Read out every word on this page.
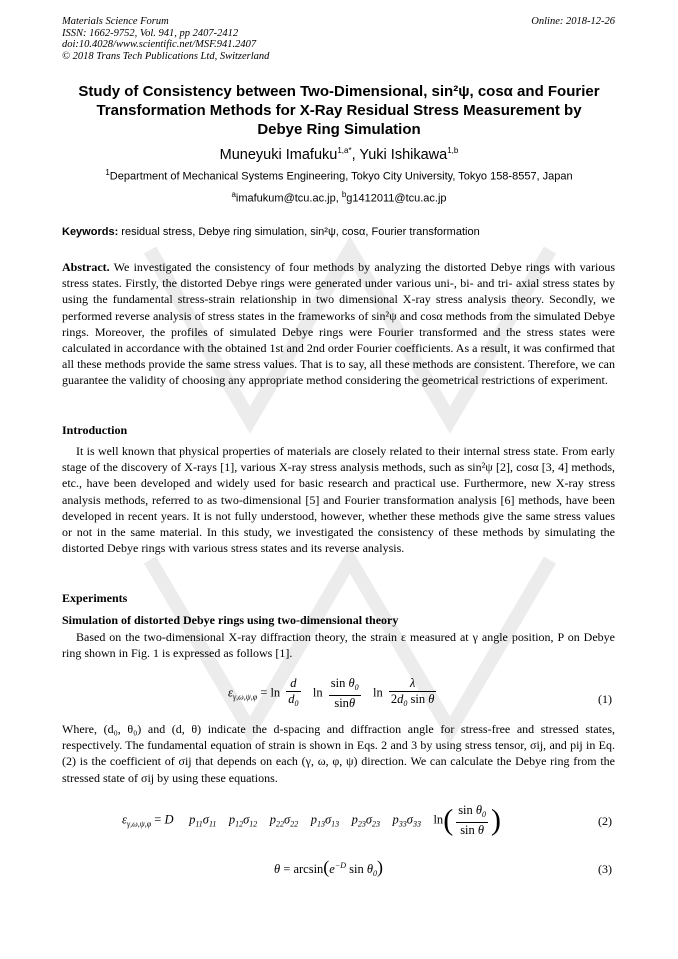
Materials Science Forum
ISSN: 1662-9752, Vol. 941, pp 2407-2412
doi:10.4028/www.scientific.net/MSF.941.2407
© 2018 Trans Tech Publications Ltd, Switzerland
Online: 2018-12-26
Study of Consistency between Two-Dimensional, sin²ψ, cosα and Fourier
Transformation Methods for X-Ray Residual Stress Measurement by
Debye Ring Simulation
Muneyuki Imafuku$^{1,a*}$, Yuki Ishikawa$^{1,b}$
$^1$Department of Mechanical Systems Engineering, Tokyo City University, Tokyo 158-8557, Japan
$^a$imafukum@tcu.ac.jp, $^b$g1412011@tcu.ac.jp
Keywords: residual stress, Debye ring simulation, sin²ψ, cosα, Fourier transformation
Abstract. We investigated the consistency of four methods by analyzing the distorted Debye rings with various stress states. Firstly, the distorted Debye rings were generated under various uni-, bi- and tri- axial stress states by using the fundamental stress-strain relationship in two dimensional X-ray stress analysis theory. Secondly, we performed reverse analysis of stress states in the frameworks of sin²ψ and cosα methods from the simulated Debye rings. Moreover, the profiles of simulated Debye rings were Fourier transformed and the stress states were calculated in accordance with the obtained 1st and 2nd order Fourier coefficients. As a result, it was confirmed that all these methods provide the same stress values. That is to say, all these methods are consistent. Therefore, we can guarantee the validity of choosing any appropriate method considering the geometrical restrictions of experiment.
Introduction
It is well known that physical properties of materials are closely related to their internal stress state. From early stage of the discovery of X-rays [1], various X-ray stress analysis methods, such as sin²ψ [2], cosα [3, 4] methods, etc., have been developed and widely used for basic research and practical use. Furthermore, new X-ray stress analysis methods, referred to as two-dimensional [5] and Fourier transformation analysis [6] methods, have been developed in recent years. It is not fully understood, however, whether these methods give the same stress values or not in the same material. In this study, we investigated the consistency of these methods by simulating the distorted Debye rings with various stress states and its reverse analysis.
Experiments
Simulation of distorted Debye rings using two-dimensional theory
Based on the two-dimensional X-ray diffraction theory, the strain ε measured at γ angle position, P on Debye ring shown in Fig. 1 is expressed as follows [1].
$\varepsilon_{\gamma,\omega,\psi,\varphi} = \ln \frac{d}{d_0}$ $\ln \frac{\sin \theta_0}{\sin\theta}$ $\ln \frac{\lambda}{2d_0 \sin \theta}$	(1)
Where, (d₀, θ₀) and (d, θ) indicate the d-spacing and diffraction angle for stress-free and stressed states, respectively. The fundamental equation of strain is shown in Eqs. 2 and 3 by using stress tensor, σij, and pij in Eq.(2) is the coefficient of σij that depends on each (γ, ω, φ, ψ) direction. We can calculate the Debye ring from the stressed state of σij by using these equations.
$\varepsilon_{\gamma,\omega,\psi,\varphi} = D$     $p_{11}\sigma_{11}$    $p_{12}\sigma_{12}$    $p_{22}\sigma_{22}$    $p_{13}\sigma_{13}$    $p_{23}\sigma_{23}$    $p_{33}\sigma_{33}$ $\ln( \frac{\sin \theta_0}{\text{sin θ}}$ )	(2)
$\theta = \arcsin(e^{-D}$ $\sin \theta_0$)	(3)
